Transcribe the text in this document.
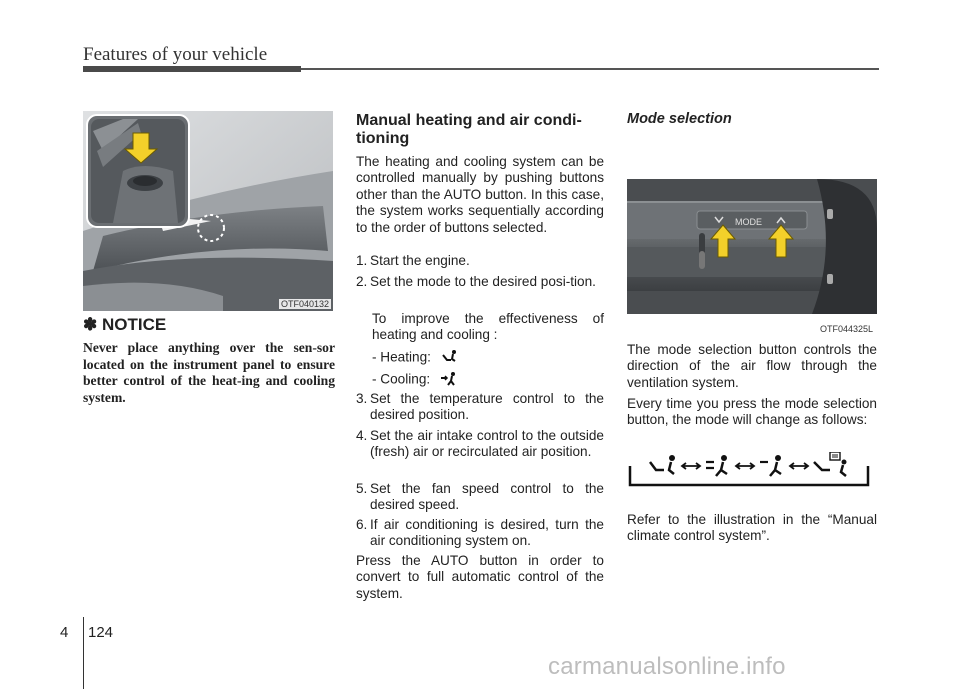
Features of your vehicle
OTF040132
✽ NOTICE
Never place anything over the sen-sor located on the instrument panel to ensure better control of the heat-ing and cooling system.
Manual heating and air condi-tioning
The heating and cooling system can be controlled manually by pushing buttons other than the AUTO button. In this case, the system works sequentially according to the order of buttons selected.
1. Start the engine.
2. Set the mode to the desired posi-tion.
To improve the effectiveness of heating and cooling :
- Heating:
- Cooling:
3. Set the temperature control to the desired position.
4. Set the air intake control to the outside (fresh) air or recirculated air position.
5. Set the fan speed control to the desired speed.
6. If air conditioning is desired, turn the air conditioning system on.
Press the AUTO button in order to convert to full automatic control of the system.
Mode selection
MODE
OTF044325L
The mode selection button controls the direction of the air flow through the ventilation system.
Every time you press the mode selection button, the mode will change as follows:
Refer to the illustration in the “Manual climate control system”.
4 124
carmanualsonline.info
